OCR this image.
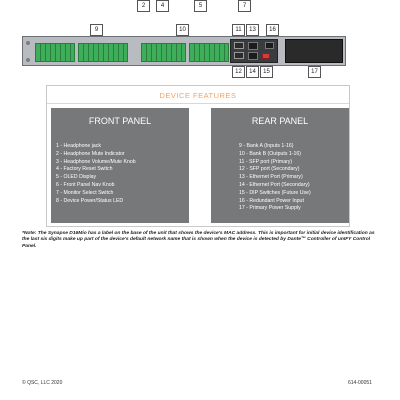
2	4	5	7
9	10	11	13	16
12	14	15	17
DEVICE FEATURES
FRONT PANEL
1 - Headphone jack
2 - Headphone Mute Indicator
3 - Headphone Volume/Mute Knob
4 - Factory Reset Switch
5 - OLED Display
6 - Front Panel Nav Knob
7 - Monitor Select Switch
8 - Device Power/Status LED
REAR PANEL
9 - Bank A (Inputs 1-16)
10 - Bank B (Outputs 1-16)
11 - SFP port (Primary)
12 - SFP port (Secondary)
13 - Ethernet Port (Primary)
14 - Ethernet Port (Secondary)
15 - DIP Switches (Future Use)
16 - Redundant Power Input
17 - Primary Power Supply
*Note: The Synapse D16Mio has a label on the base of the unit that shows the device's MAC address. This is important for initial device identification as the last six digits make up part of the device's default network name that is shown when the device is detected by Dante™ Controller of unIFY Control Panel.
© QSC, LLC 2020	614-00051
